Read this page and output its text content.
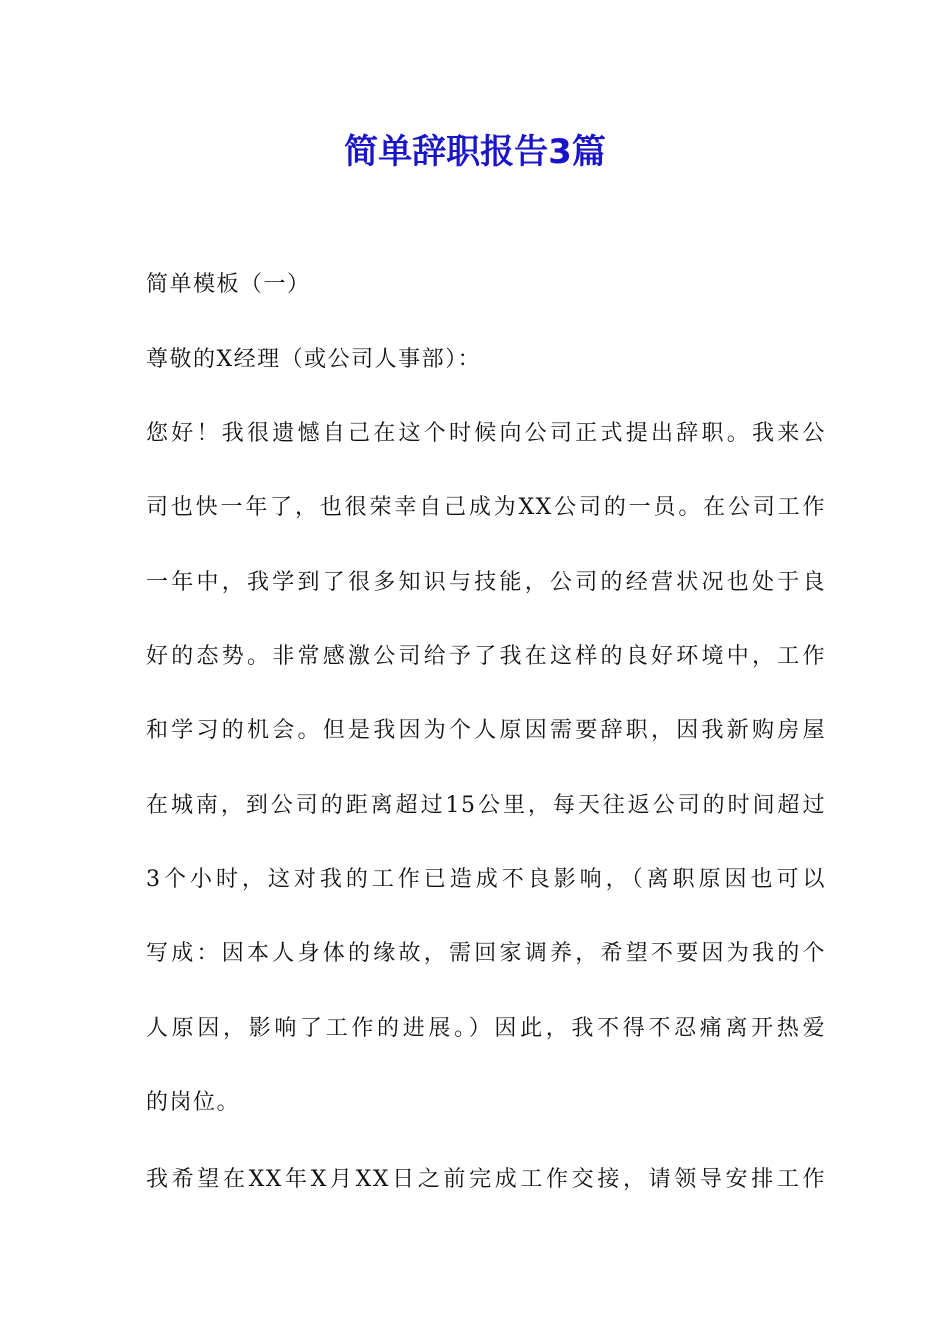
简单辞职报告3篇

简单模板（一）

尊敬的X经理（或公司人事部）：

您好！我很遗憾自己在这个时候向公司正式提出辞职。我来公

司也快一年了，也很荣幸自己成为XX公司的一员。在公司工作

一年中，我学到了很多知识与技能，公司的经营状况也处于良

好的态势。非常感激公司给予了我在这样的良好环境中，工作

和学习的机会。但是我因为个人原因需要辞职，因我新购房屋

在城南，到公司的距离超过15公里，每天往返公司的时间超过

3个小时，这对我的工作已造成不良影响，（离职原因也可以

写成：因本人身体的缘故，需回家调养，希望不要因为我的个

人原因，影响了工作的进展。）因此，我不得不忍痛离开热爱

的岗位。

我希望在XX年X月XX日之前完成工作交接，请领导安排工作
